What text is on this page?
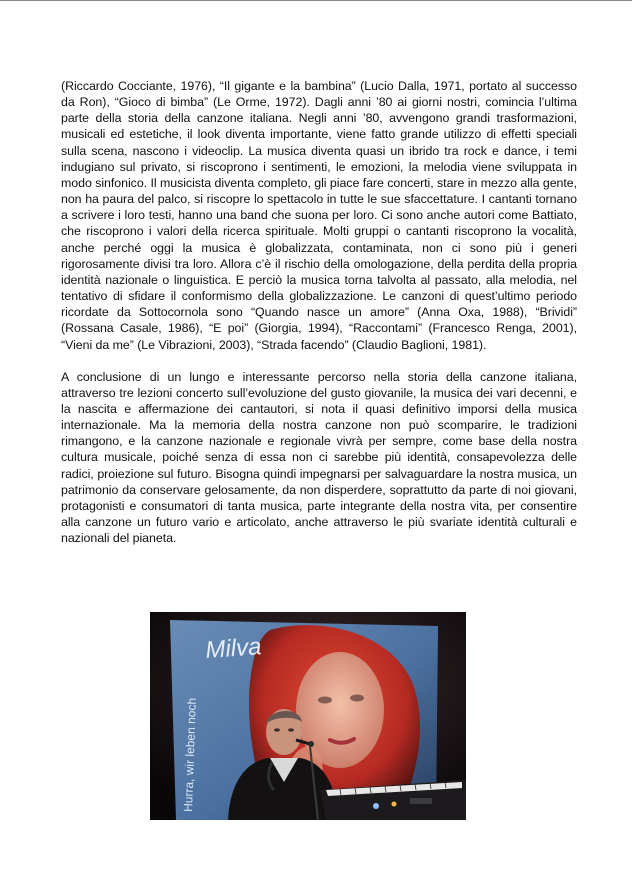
(Riccardo Cocciante, 1976), “Il gigante e la bambina” (Lucio Dalla, 1971, portato al successo da Ron), “Gioco di bimba” (Le Orme, 1972). Dagli anni ’80 ai giorni nostri, comincia l’ultima parte della storia della canzone italiana. Negli anni ’80, avvengono grandi trasformazioni, musicali ed estetiche, il look diventa importante, viene fatto grande utilizzo di effetti speciali sulla scena, nascono i videoclip. La musica diventa quasi un ibrido tra rock e dance, i temi indugiano sul privato, si riscoprono i sentimenti, le emozioni, la melodia viene sviluppata in modo sinfonico. Il musicista diventa completo, gli piace fare concerti, stare in mezzo alla gente, non ha paura del palco, si riscopre lo spettacolo in tutte le sue sfaccettature. I cantanti tornano a scrivere i loro testi, hanno una band che suona per loro. Ci sono anche autori come Battiato, che riscoprono i valori della ricerca spirituale. Molti gruppi o cantanti riscoprono la vocalità, anche perché oggi la musica è globalizzata, contaminata, non ci sono più i generi rigorosamente divisi tra loro. Allora c’è il rischio della omologazione, della perdita della propria identità nazionale o linguistica. E perciò la musica torna talvolta al passato, alla melodia, nel tentativo di sfidare il conformismo della globalizzazione. Le canzoni di quest’ultimo periodo ricordate da Sottocornola sono “Quando nasce un amore” (Anna Oxa, 1988), “Brividi” (Rossana Casale, 1986), “E poi” (Giorgia, 1994), “Raccontami” (Francesco Renga, 2001), “Vieni da me” (Le Vibrazioni, 2003), “Strada facendo” (Claudio Baglioni, 1981).

A conclusione di un lungo e interessante percorso nella storia della canzone italiana, attraverso tre lezioni concerto sull’evoluzione del gusto giovanile, la musica dei vari decenni, e la nascita e affermazione dei cantautori, si nota il quasi definitivo imporsi della musica internazionale. Ma la memoria della nostra canzone non può scomparire, le tradizioni rimangono, e la canzone nazionale e regionale vivrà per sempre, come base della nostra cultura musicale, poiché senza di essa non ci sarebbe più identità, consapevolezza delle radici, proiezione sul futuro. Bisogna quindi impegnarsi per salvaguardare la nostra musica, un patrimonio da conservare gelosamente, da non disperdere, soprattutto da parte di noi giovani, protagonisti e consumatori di tanta musica, parte integrante della nostra vita, per consentire alla canzone un futuro vario e articolato, anche attraverso le più svariate identità culturali e nazionali del pianeta.

Milva
Hurra, wir leben noch
